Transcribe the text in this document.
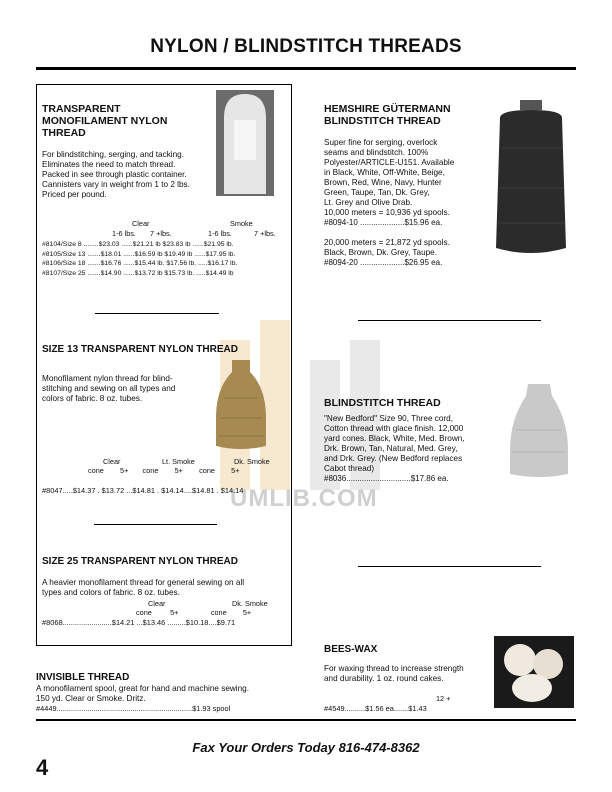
NYLON / BLINDSTITCH THREADS
UMLIB.COM
TRANSPARENT
MONOFILAMENT NYLON
THREAD
For blindstitching, serging, and tacking.
Eliminates the need to match thread.
Packed in see through plastic container.
Cannisters vary in weight from 1 to 2 lbs.
Priced per pound.
Clear	Smoke
1-6 lbs. 7 +lbs.	1-6 lbs.	7 +lbs.
#8104/Size 8 ........$23.03 ......$21.21 lb $23.83 lb ......$21.95 lb.
#8105/Size 13 .......$18.01 ......$16.59 lb $19.49 lb ......$17.95 lb.
#8106/Size 18 .......$16.76 ......$15.44 lb. $17.56 lb. .....$16.17 lb.
#8107/Size 25 .......$14.90 ......$13.72 lb $15.73 lb. .....$14.49 lb
SIZE 13 TRANSPARENT NYLON THREAD
Monofilament nylon thread for blind-
stitching and sewing on all types and
colors of fabric. 8 oz. tubes.
Clear	Lt. Smoke	Dk. Smoke
cone        5+       cone        5+        cone        5+
#8047.....$14.37 . $13.72 ...$14.81 . $14.14....$14.81 . $14.14
SIZE 25 TRANSPARENT NYLON THREAD
A heavier monofilament thread for general sewing on all
types and colors of fabric. 8 oz. tubes.
Clear	Dk. Smoke
cone         5+                cone        5+
#8068........................$14.21 ...$13.46 .........$10.18....$9.71
INVISIBLE THREAD
A monofilament spool, great for hand and machine sewing.
150 yd. Clear or Smoke. Dritz.
#4449..................................................................$1.93 spool
HEMSHIRE GÜTERMANN
BLINDSTITCH THREAD
Super fine for serging, overlock
seams and blindstitch. 100%
Polyester/ARTICLE-U151. Available
in Black, White, Off-White, Beige,
Brown, Red, Wine, Navy, Hunter
Green, Taupe, Tan, Dk. Grey,
Lt. Grey and Olive Drab.
10,000 meters = 10,936 yd spools.
#8094-10 ....................$15.96 ea.
20,000 meters = 21,872 yd spools.
Black, Brown, Dk. Grey, Taupe.
#8094-20 ....................$26.95 ea.
BLINDSTITCH THREAD
"New Bedford" Size 90, Three cord,
Cotton thread with glace finish. 12,000
yard cones. Black, White, Med. Brown,
Drk. Brown, Tan, Natural, Med. Grey,
and Drk. Grey. (New Bedford replaces
Cabot thread)
#8036.............................$17.86 ea.
BEES-WAX
For waxing thread to increase strength
and durability. 1 oz. round cakes.
12 +
#4549..........$1.56 ea.......$1.43
Fax Your Orders Today 816-474-8362
4
